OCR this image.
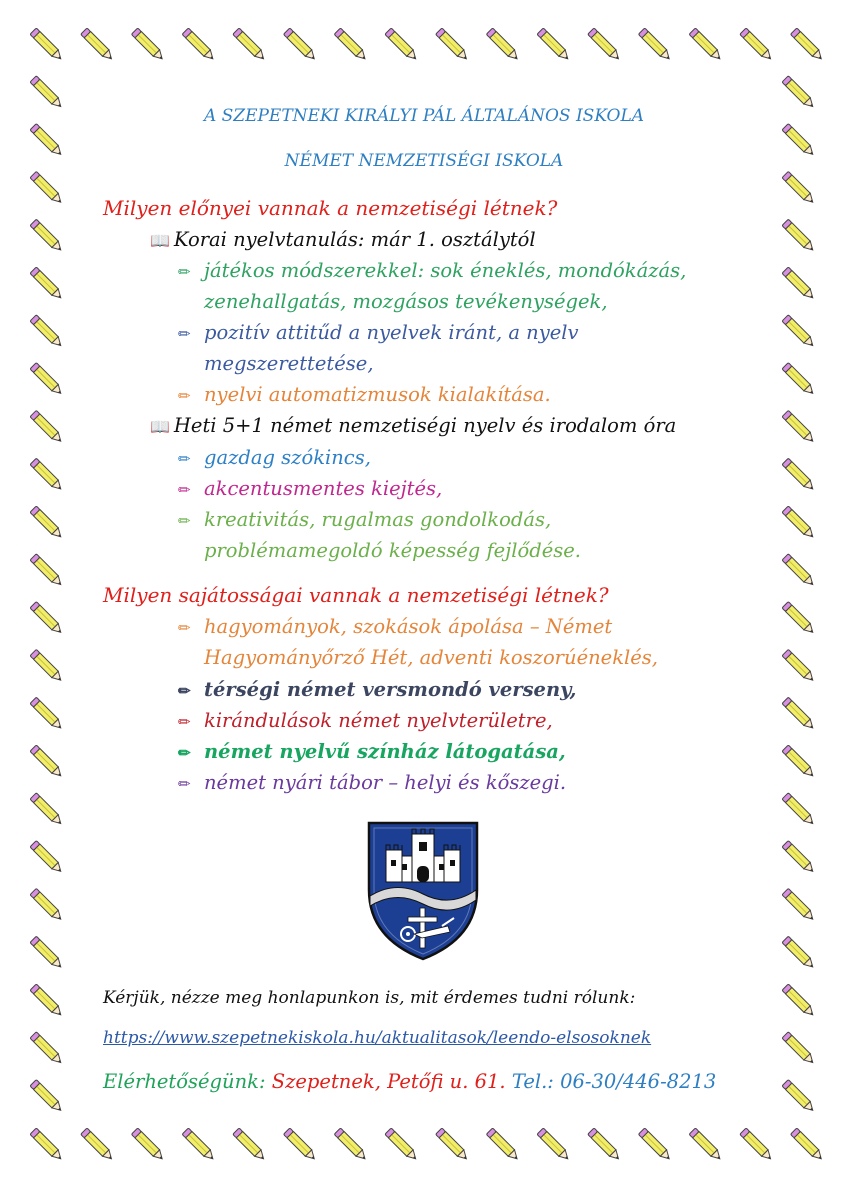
A SZEPETNEKI KIRÁLYI PÁL ÁLTALÁNOS ISKOLA
NÉMET NEMZETISÉGI ISKOLA
Milyen előnyei vannak a nemzetiségi létnek?
📖 Korai nyelvtanulás: már 1. osztálytól
✏ játékos módszerekkel: sok éneklés, mondókázás,
zenehallgatás, mozgásos tevékenységek,
✏ pozitív attitűd a nyelvek iránt, a nyelv
megszerettetése,
✏ nyelvi automatizmusok kialakítása.
📖 Heti 5+1 német nemzetiségi nyelv és irodalom óra
✏ gazdag szókincs,
✏ akcentusmentes kiejtés,
✏ kreativitás, rugalmas gondolkodás,
problémamegoldó képesség fejlődése.
Milyen sajátosságai vannak a nemzetiségi létnek?
✏ hagyományok, szokások ápolása – Német
Hagyományőrző Hét, adventi koszorúéneklés,
✏ térségi német versmondó verseny,
✏ kirándulások német nyelvterületre,
✏ német nyelvű színház látogatása,
✏ német nyári tábor – helyi és kőszegi.
Kérjük, nézze meg honlapunkon is, mit érdemes tudni rólunk:
https://www.szepetnekiskola.hu/aktualitasok/leendo-elsosoknek
Elérhetőségünk: Szepetnek, Petőfi u. 61. Tel.: 06-30/446-8213
